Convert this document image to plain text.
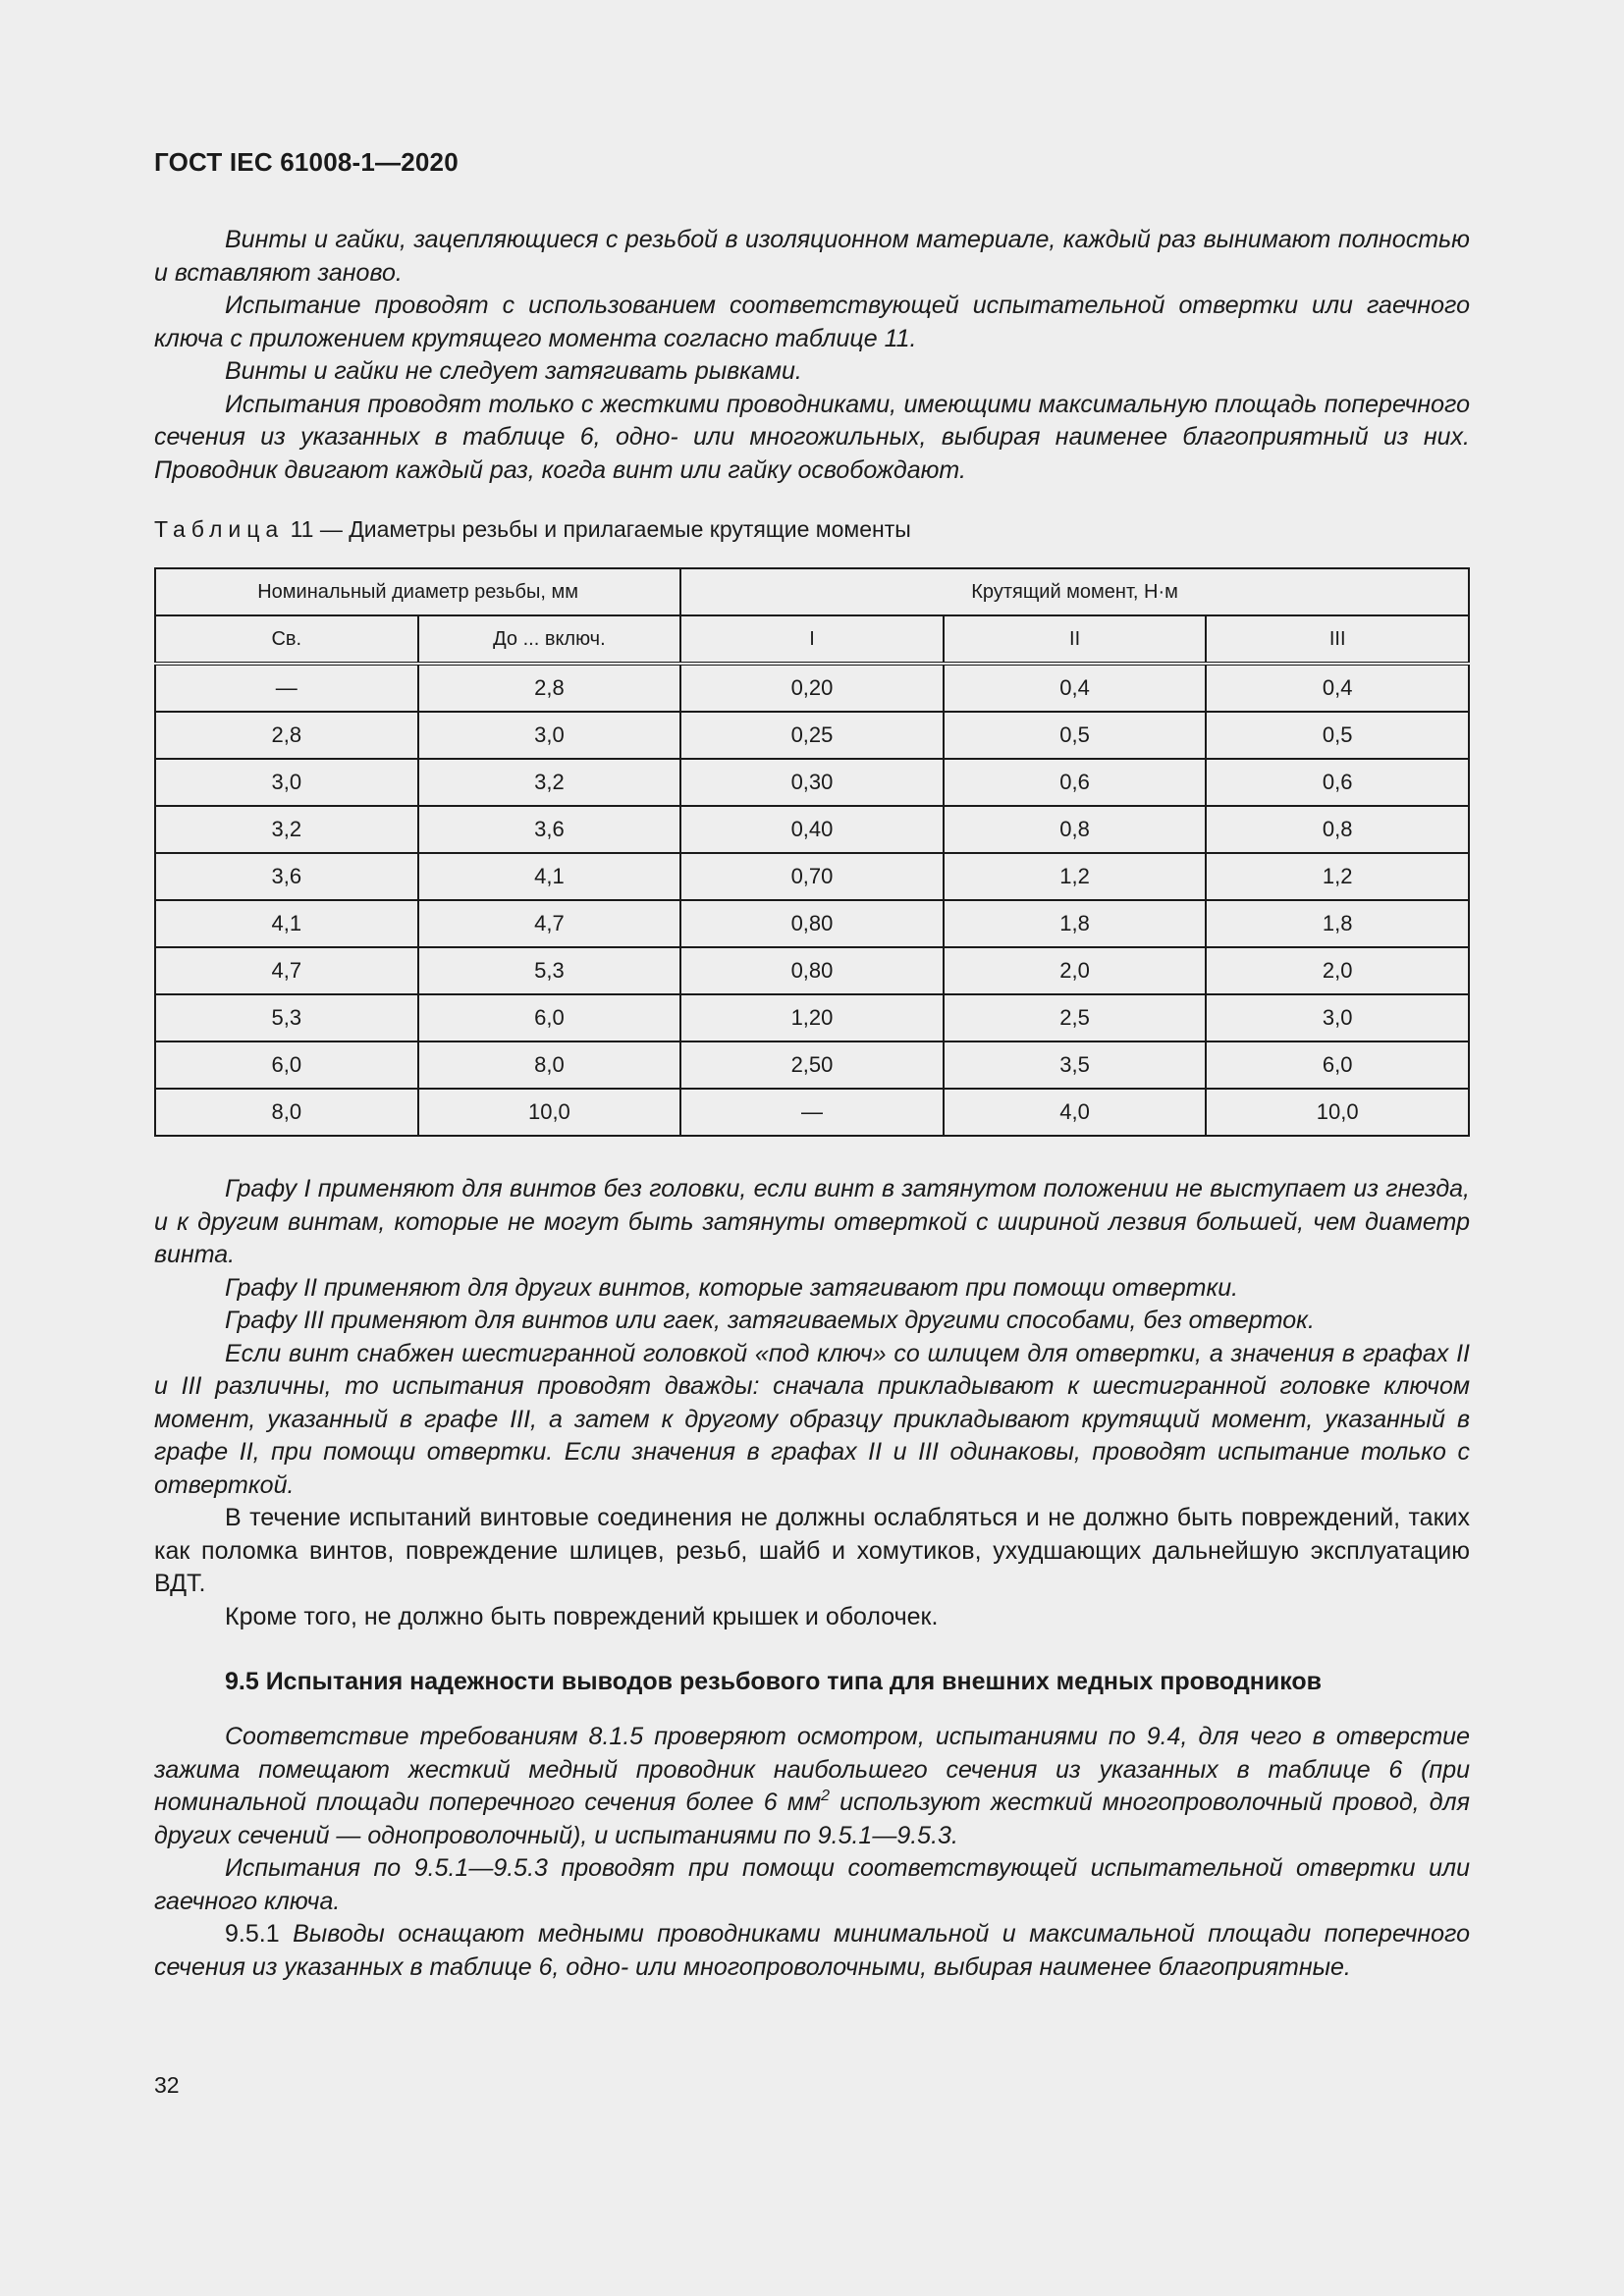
ГОСТ IEC 61008-1—2020

Винты и гайки, зацепляющиеся с резьбой в изоляционном материале, каждый раз вынимают полностью и вставляют заново.

Испытание проводят с использованием соответствующей испытательной отвертки или гаечного ключа с приложением крутящего момента согласно таблице 11.

Винты и гайки не следует затягивать рывками.

Испытания проводят только с жесткими проводниками, имеющими максимальную площадь поперечного сечения из указанных в таблице 6, одно- или многожильных, выбирая наименее благоприятный из них. Проводник двигают каждый раз, когда винт или гайку освобождают.

Таблица 11 — Диаметры резьбы и прилагаемые крутящие моменты
Номинальный диаметр резьбы, мм		Крутящий момент, Н·м		
Св.	До ... включ.	I	II	III
—	2,8	0,20	0,4	0,4
2,8	3,0	0,25	0,5	0,5
3,0	3,2	0,30	0,6	0,6
3,2	3,6	0,40	0,8	0,8
3,6	4,1	0,70	1,2	1,2
4,1	4,7	0,80	1,8	1,8
4,7	5,3	0,80	2,0	2,0
5,3	6,0	1,20	2,5	3,0
6,0	8,0	2,50	3,5	6,0
8,0	10,0	—	4,0	10,0

Графу I применяют для винтов без головки, если винт в затянутом положении не выступает из гнезда, и к другим винтам, которые не могут быть затянуты отверткой с шириной лезвия большей, чем диаметр винта.

Графу II применяют для других винтов, которые затягивают при помощи отвертки.

Графу III применяют для винтов или гаек, затягиваемых другими способами, без отверток.

Если винт снабжен шестигранной головкой «под ключ» со шлицем для отвертки, а значения в графах II и III различны, то испытания проводят дважды: сначала прикладывают к шестигранной головке ключом момент, указанный в графе III, а затем к другому образцу прикладывают крутящий момент, указанный в графе II, при помощи отвертки. Если значения в графах II и III одинаковы, проводят испытание только с отверткой.

В течение испытаний винтовые соединения не должны ослабляться и не должно быть повреждений, таких как поломка винтов, повреждение шлицев, резьб, шайб и хомутиков, ухудшающих дальнейшую эксплуатацию ВДТ.

Кроме того, не должно быть повреждений крышек и оболочек.

9.5 Испытания надежности выводов резьбового типа для внешних медных проводников

Соответствие требованиям 8.1.5 проверяют осмотром, испытаниями по 9.4, для чего в отверстие зажима помещают жесткий медный проводник наибольшего сечения из указанных в таблице 6 (при номинальной площади поперечного сечения более 6 $мм^2$ используют жесткий многопроволочный провод, для других сечений — однопроволочный), и испытаниями по 9.5.1—9.5.3.

Испытания по 9.5.1—9.5.3 проводят при помощи соответствующей испытательной отвертки или гаечного ключа.

9.5.1 Выводы оснащают медными проводниками минимальной и максимальной площади поперечного сечения из указанных в таблице 6, одно- или многопроволочными, выбирая наименее благоприятные.

32
